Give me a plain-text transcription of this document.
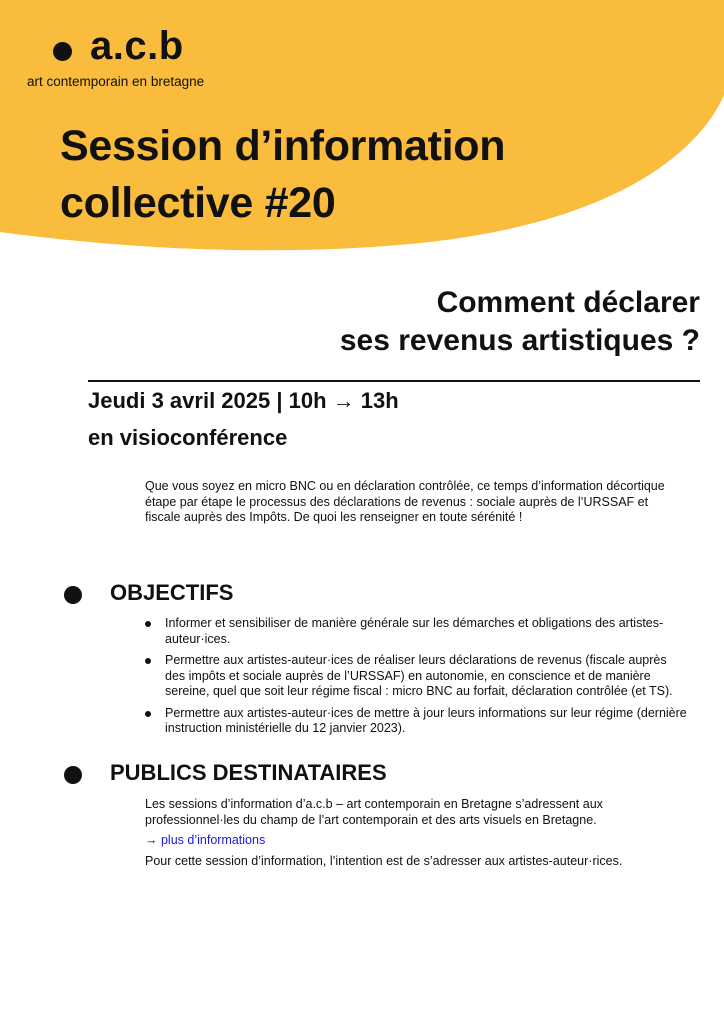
a.c.b
art contemporain en bretagne
Session d’information
collective #20
Comment déclarer
ses revenus artistiques ?
Jeudi 3 avril 2025 | 10h → 13h
en visioconférence

Que vous soyez en micro BNC ou en déclaration contrôlée, ce temps d’information décortique étape par étape le processus des déclarations de revenus : sociale auprès de l’URSSAF et fiscale auprès des Impôts. De quoi les renseigner en toute sérénité !

OBJECTIFS
Informer et sensibiliser de manière générale sur les démarches et obligations des artistes-auteur·ices.
Permettre aux artistes-auteur·ices de réaliser leurs déclarations de revenus (fiscale auprès des impôts et sociale auprès de l’URSSAF) en autonomie, en conscience et de manière sereine, quel que soit leur régime fiscal : micro BNC au forfait, déclaration contrôlée (et TS).
Permettre aux artistes-auteur·ices de mettre à jour leurs informations sur leur régime (dernière instruction ministérielle du 12 janvier 2023).
PUBLICS DESTINATAIRES

Les sessions d’information d’a.c.b – art contemporain en Bretagne s’adressent aux professionnel·les du champ de l’art contemporain et des arts visuels en Bretagne.

→ plus d’informations

Pour cette session d’information, l’intention est de s’adresser aux artistes-auteur·rices.
